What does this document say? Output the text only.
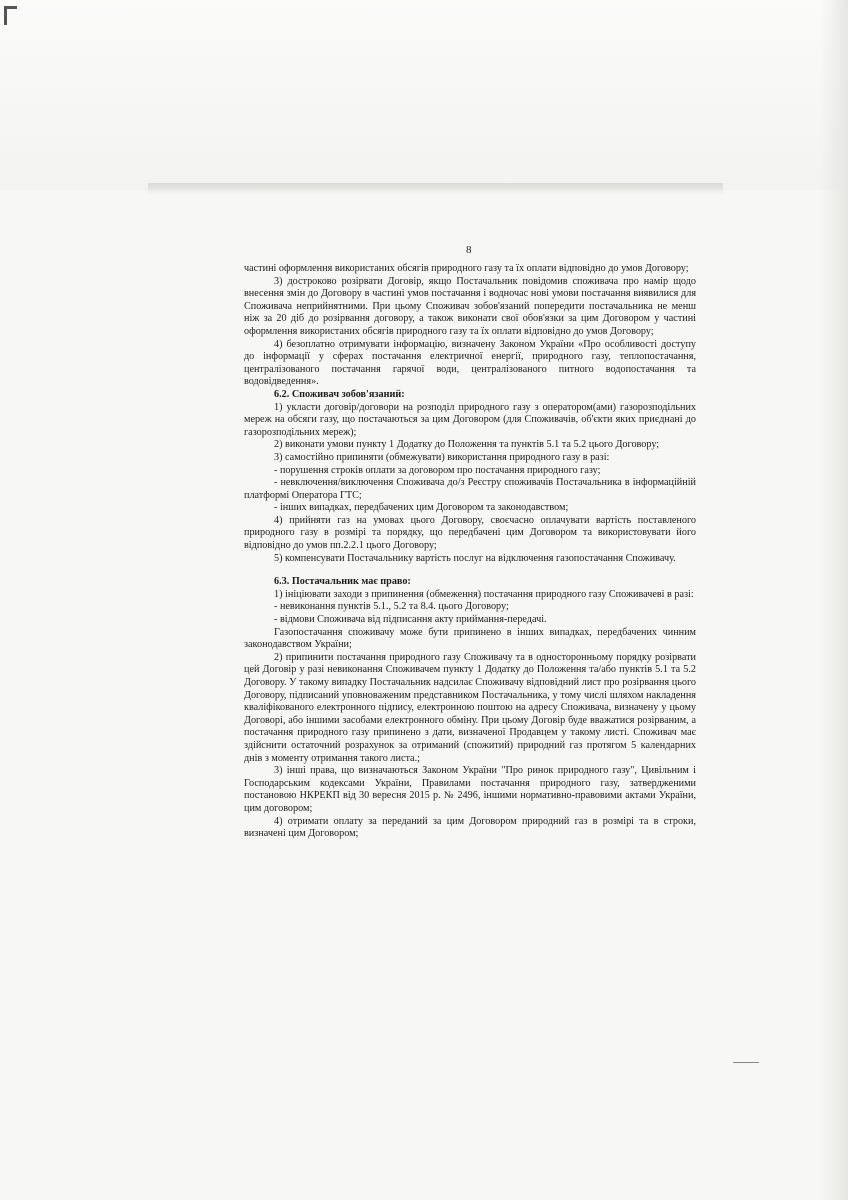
8

частині оформлення використаних обсягів природного газу та їх оплати відповідно до умов Договору;

3) достроково розірвати Договір, якщо Постачальник повідомив споживача про намір щодо внесення змін до Договору в частині умов постачання і водночас нові умови постачання виявилися для Споживача неприйнятними. При цьому Споживач зобов'язаний попередити постачальника не менш ніж за 20 діб до розірвання договору, а також виконати свої обов'язки за цим Договором у частині оформлення використаних обсягів природного газу та їх оплати відповідно до умов Договору;

4) безоплатно отримувати інформацію, визначену Законом України «Про особливості доступу до інформації у сферах постачання електричної енергії, природного газу, теплопостачання, централізованого постачання гарячої води, централізованого питного водопостачання та водовідведення».

6.2. Споживач зобов'язаний:

1) укласти договір/договори на розподіл природного газу з оператором(ами) газорозподільних мереж на обсяги газу, що постачаються за цим Договором (для Споживачів, об'єкти яких приєднані до газорозподільних мереж);

2) виконати умови пункту 1 Додатку до Положення та пунктів 5.1 та 5.2 цього Договору;

3) самостійно припиняти (обмежувати) використання природного газу в разі:

- порушення строків оплати за договором про постачання природного газу;

- невключення/виключення Споживача до/з Реєстру споживачів Постачальника в інформаційній платформі Оператора ГТС;

- інших випадках, передбачених цим Договором та законодавством;

4) прийняти газ на умовах цього Договору, своєчасно оплачувати вартість поставленого природного газу в розмірі та порядку, що передбачені цим Договором та використовувати його відповідно до умов пп.2.2.1 цього Договору;

5) компенсувати Постачальнику вартість послуг на відключення газопостачання Споживачу.

6.3. Постачальник має право:

1) ініціювати заходи з припинення (обмеження) постачання природного газу Споживачеві в разі:

- невиконання пунктів 5.1., 5.2 та 8.4. цього Договору;

- відмови Споживача від підписання акту приймання-передачі.

Газопостачання споживачу може бути припинено в інших випадках, передбачених чинним законодавством України;

2) припинити постачання природного газу Споживачу та в односторонньому порядку розірвати цей Договір у разі невиконання Споживачем пункту 1 Додатку до Положення та/або пунктів 5.1 та 5.2 Договору. У такому випадку Постачальник надсилає Споживачу відповідний лист про розірвання цього Договору, підписаний уповноваженим представником Постачальника, у тому числі шляхом накладення кваліфікованого електронного підпису, електронною поштою на адресу Споживача, визначену у цьому Договорі, або іншими засобами електронного обміну. При цьому Договір буде вважатися розірваним, а постачання природного газу припинено з дати, визначеної Продавцем у такому листі. Споживач має здійснити остаточний розрахунок за отриманий (спожитий) природний газ протягом 5 календарних днів з моменту отримання такого листа.;

3) інші права, що визначаються Законом України "Про ринок природного газу", Цивільним і Господарським кодексами України, Правилами постачання природного газу, затвердженими постановою НКРЕКП від 30 вересня 2015 р. № 2496, іншими нормативно-правовими актами України, цим договором;

4) отримати оплату за переданий за цим Договором природний газ в розмірі та в строки, визначені цим Договором;
